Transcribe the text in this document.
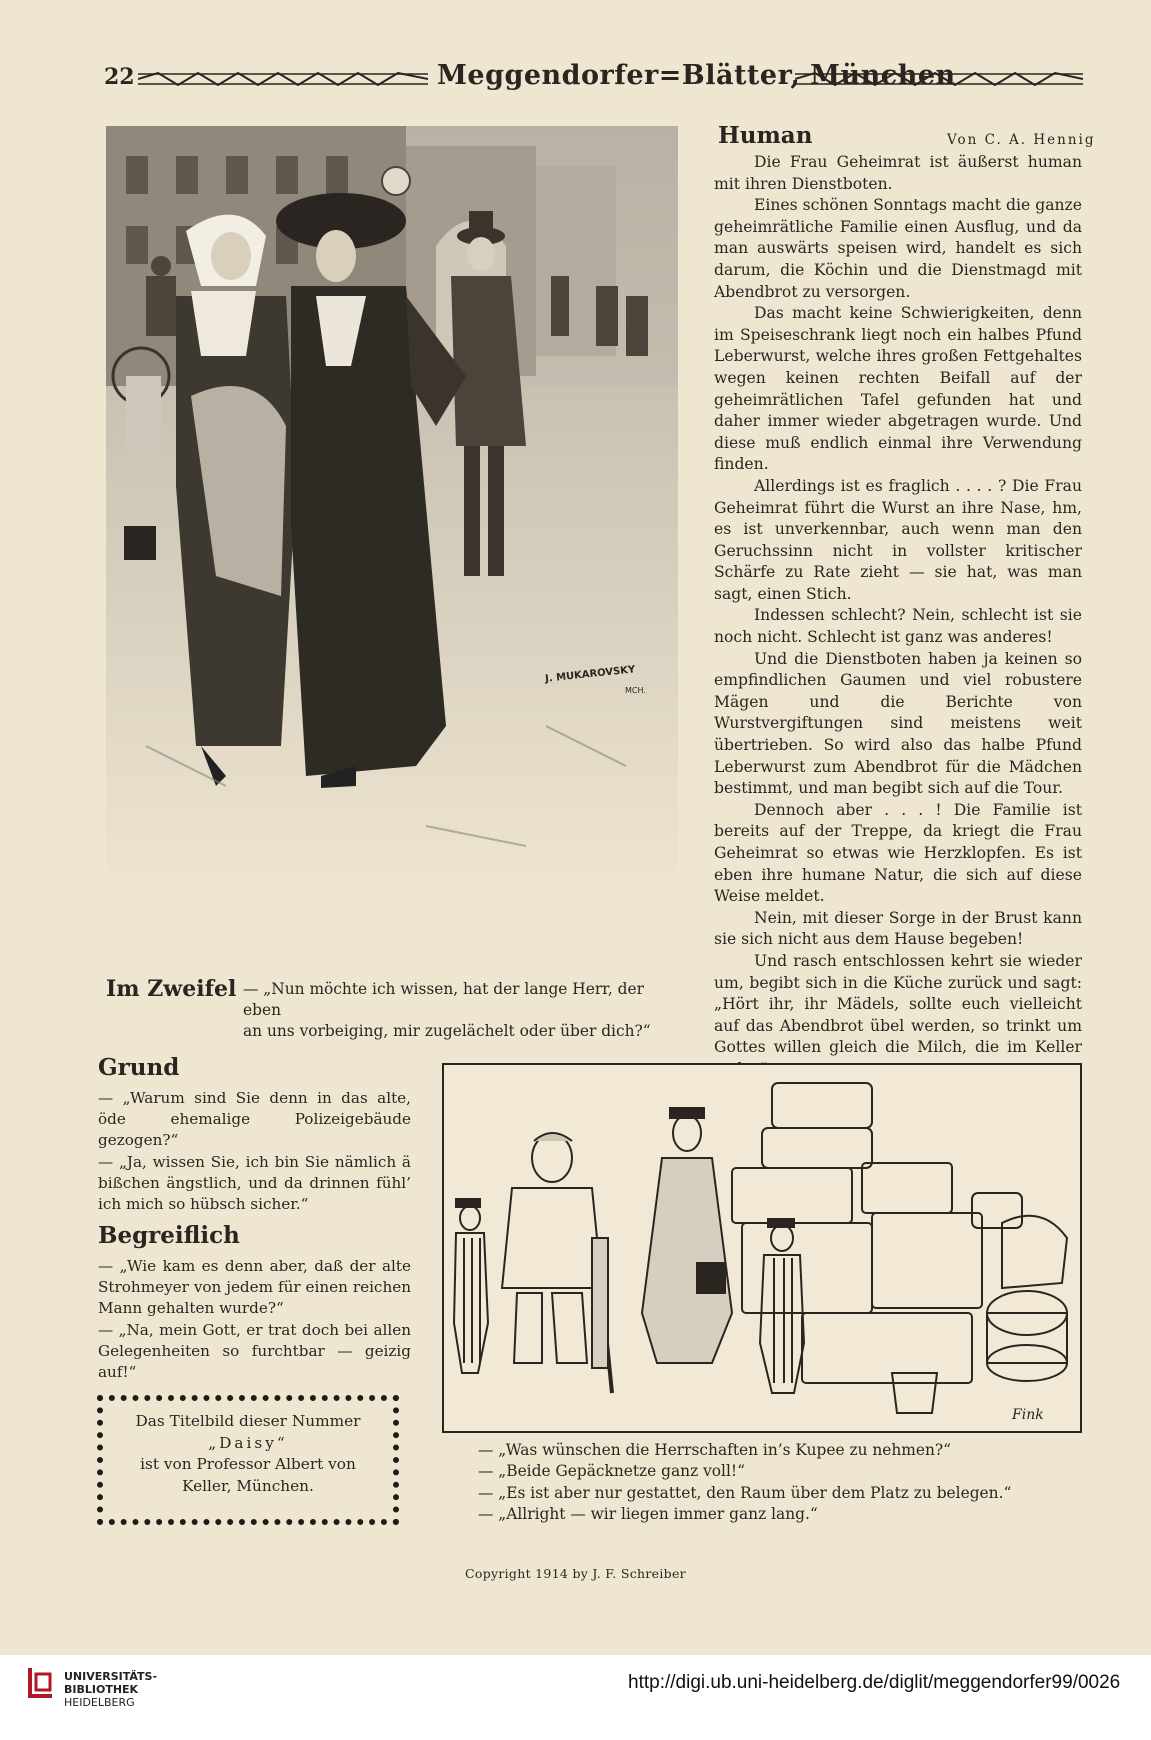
22	Meggendorfer=Blätter, München
J. MUKAROVSKY
MCH.
Im Zweifel — „Nun möchte ich wissen, hat der lange Herr, der eben
an uns vorbeiging, mir zugelächelt oder über dich?“
Human	Von C. A. Hennig

Die Frau Geheimrat ist äußerst human mit ihren Dienstboten.

Eines schönen Sonntags macht die ganze geheimrätliche Familie einen Ausflug, und da man auswärts speisen wird, handelt es sich darum, die Köchin und die Dienstmagd mit Abendbrot zu versorgen.

Das macht keine Schwierigkeiten, denn im Speiseschrank liegt noch ein halbes Pfund Leberwurst, welche ihres großen Fettgehaltes wegen keinen rechten Beifall auf der geheimrätlichen Tafel gefunden hat und daher immer wieder abgetragen wurde. Und diese muß endlich einmal ihre Verwendung finden.

Allerdings ist es fraglich . . . . ? Die Frau Geheimrat führt die Wurst an ihre Nase, hm, es ist unverkennbar, auch wenn man den Geruchssinn nicht in vollster kritischer Schärfe zu Rate zieht — sie hat, was man sagt, einen Stich.

Indessen schlecht? Nein, schlecht ist sie noch nicht. Schlecht ist ganz was anderes!

Und die Dienstboten haben ja keinen so empfindlichen Gaumen und viel robustere Mägen und die Berichte von Wurstvergiftungen sind meistens weit übertrieben. So wird also das halbe Pfund Leberwurst zum Abendbrot für die Mädchen bestimmt, und man begibt sich auf die Tour.

Dennoch aber . . . ! Die Familie ist bereits auf der Treppe, da kriegt die Frau Geheimrat so etwas wie Herzklopfen. Es ist eben ihre humane Natur, die sich auf diese Weise meldet.

Nein, mit dieser Sorge in der Brust kann sie sich nicht aus dem Hause begeben!

Und rasch entschlossen kehrt sie wieder um, begibt sich in die Küche zurück und sagt: „Hört ihr, ihr Mädels, sollte euch vielleicht auf das Abendbrot übel werden, so trinkt um Gottes willen gleich die Milch, die im Keller

Grund

— „Warum sind Sie denn in das alte, öde ehemalige Polizeigebäude gezogen?“

— „Ja, wissen Sie, ich bin Sie nämlich ä bißchen ängstlich, und da drinnen fühl’ ich mich so hübsch sicher.“

Begreiflich

— „Wie kam es denn aber, daß der alte Strohmeyer von jedem für einen reichen Mann gehalten wurde?“

— „Na, mein Gott, er trat doch bei allen Gelegenheiten so furchtbar — geizig auf!“

Das Titelbild dieser Nummer
„Daisy“
ist von Professor Albert von
Keller, München.
Fink
— „Was wünschen die Herrschaften in’s Kupee zu nehmen?“
— „Beide Gepäcknetze ganz voll!“
— „Es ist aber nur gestattet, den Raum über dem Platz zu belegen.“
— „Allright — wir liegen immer ganz lang.“
Copyright 1914 by J. F. Schreiber
UNIVERSITÄTS-
BIBLIOTHEK
HEIDELBERG
http://digi.ub.uni-heidelberg.de/diglit/meggendorfer99/0026
